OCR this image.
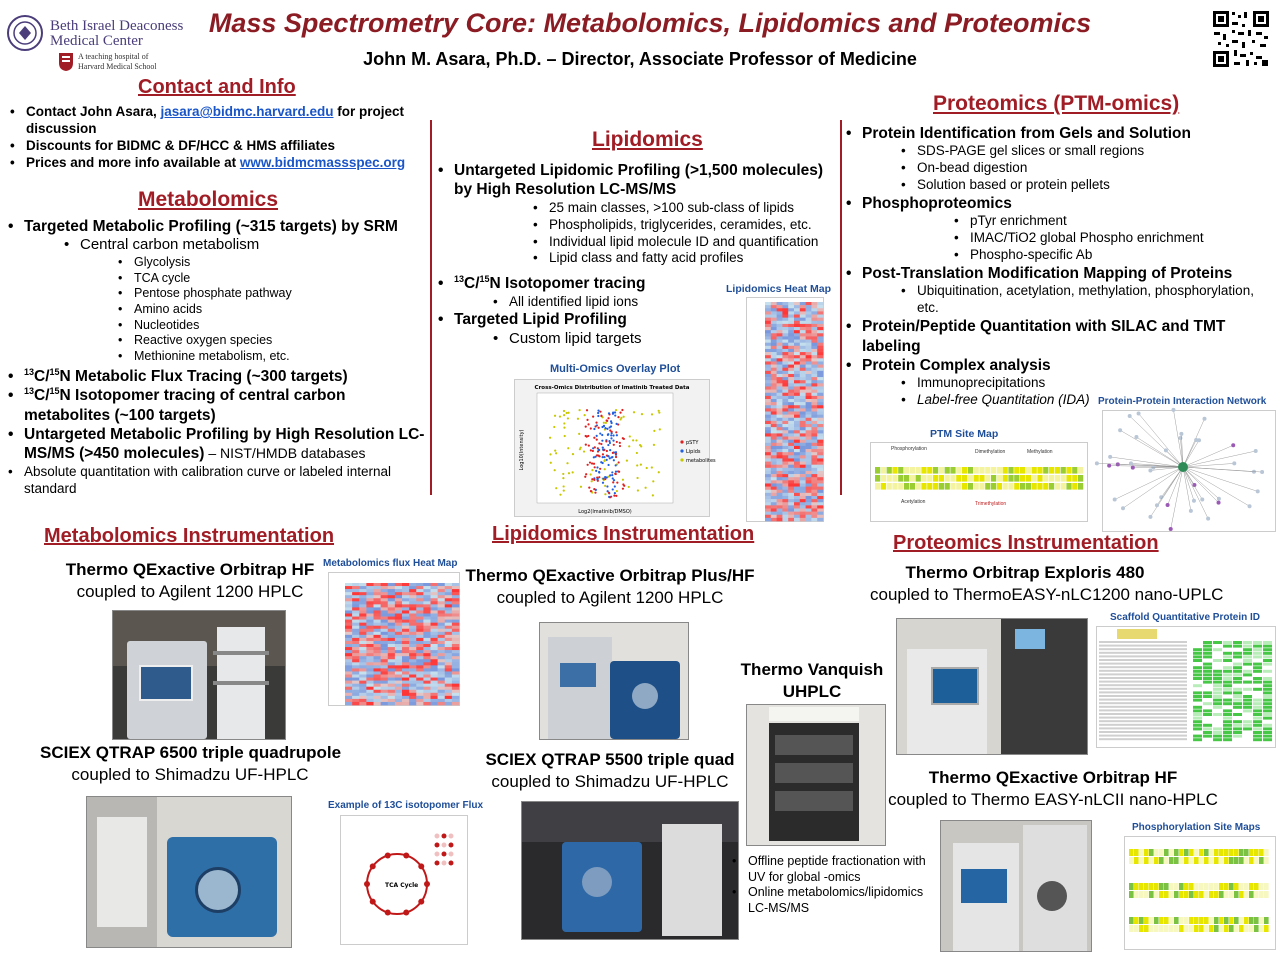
Beth Israel Deaconess
Medical Center
A teaching hospital of
Harvard Medical School
Mass Spectrometry Core: Metabolomics, Lipidomics and Proteomics
John M. Asara, Ph.D. – Director, Associate Professor of Medicine
Contact and Info
• Contact John Asara, jasara@bidmc.harvard.edu for project discussion
• Discounts for BIDMC & DF/HCC & HMS affiliates
• Prices and more info available at www.bidmcmassspec.org
Metabolomics
• Targeted Metabolic Profiling (~315 targets) by SRM
• Central carbon metabolism
• Glycolysis
• TCA cycle
• Pentose phosphate pathway
• Amino acids
• Nucleotides
• Reactive oxygen species
• Methionine metabolism, etc.
• $^{13}$C/$^{15}$N Metabolic Flux Tracing (~300 targets)
• $^{13}$C/$^{15}$N Isotopomer tracing of central carbon metabolites (~100 targets)
• Untargeted Metabolic Profiling by High Resolution LC-MS/MS (>450 molecules) – NIST/HMDB databases
• Absolute quantitation with calibration curve or labeled internal standard
Lipidomics
• Untargeted Lipidomic Profiling (>1,500 molecules) by High Resolution LC-MS/MS
• 25 main classes, >100 sub-class of lipids
• Phospholipids, triglycerides, ceramides, etc.
• Individual lipid molecule ID and quantification
• Lipid class and fatty acid profiles
• $^{13}$C/$^{15}$N Isotopomer tracing
• All identified lipid ions
• Targeted Lipid Profiling
• Custom lipid targets
Lipidomics Heat Map
Multi-Omics Overlay Plot
Cross-Omics Distribution of Imatinib Treated Data
Log2(Imatinib/DMSO)
Log10(Intensity)	pSTY
Lipids
metabolites
Proteomics (PTM-omics)
• Protein Identification from Gels and Solution
• SDS-PAGE gel slices or small regions
• On-bead digestion
• Solution based or protein pellets
• Phosphoproteomics
• pTyr enrichment
• IMAC/TiO2 global Phospho enrichment
• Phospho-specific Ab
• Post-Translation Modification Mapping of Proteins
• Ubiquitination, acetylation, methylation, phosphorylation, etc.
• Protein/Peptide Quantitation with SILAC and TMT labeling
• Protein Complex analysis
• Immunoprecipitations
• Label-free Quantitation (IDA)
PTM Site Map
Phosphorylation	Dimethylation	Methylation
Acetylation	Trimethylation
Protein-Protein Interaction Network
Metabolomics Instrumentation
Thermo QExactive Orbitrap HF
coupled to Agilent 1200 HPLC
Metabolomics flux Heat Map
SCIEX QTRAP 6500 triple quadrupole
coupled to Shimadzu UF-HPLC
Example of 13C isotopomer Flux
TCA Cycle
Lipidomics Instrumentation
Thermo QExactive Orbitrap Plus/HF
coupled to Agilent 1200 HPLC
SCIEX QTRAP 5500 triple quad
coupled to Shimadzu UF-HPLC
Thermo Vanquish
UHPLC
• Offline peptide fractionation with UV for global -omics
• Online metabolomics/lipidomics LC-MS/MS
Proteomics Instrumentation
Thermo Orbitrap Exploris 480
coupled to ThermoEASY-nLC1200 nano-UPLC
Scaffold Quantitative Protein ID
Thermo QExactive Orbitrap HF
coupled to Thermo EASY-nLCII nano-HPLC
Phosphorylation Site Maps
